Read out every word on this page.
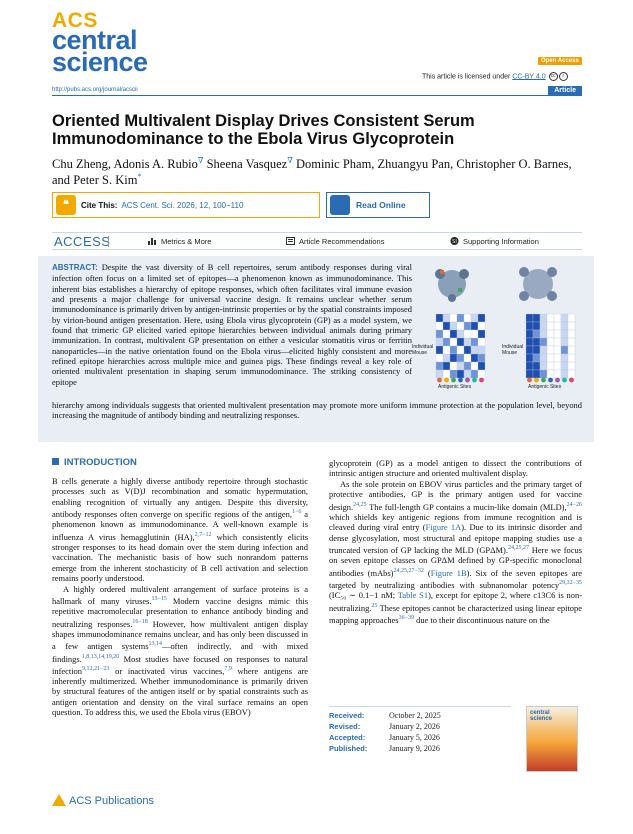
ACS
central
science	Open Access
This article is licensed under CC-BY 4.0 cc i
http://pubs.acs.org/journal/acscii	Article
Oriented Multivalent Display Drives Consistent Serum Immunodominance to the Ebola Virus Glycoprotein
Chu Zheng, Adonis A. Rubio∇ Sheena Vasquez∇ Dominic Pham, Zhuangyu Pan, Christopher O. Barnes, and Peter S. Kim*
❝	Cite This: ACS Cent. Sci. 2026, 12, 100−110	Read Online
ACCESS	Metrics & More	Article Recommendations	SI Supporting Information
ABSTRACT: Despite the vast diversity of B cell repertoires, serum antibody responses during viral infection often focus on a limited set of epitopes—a phenomenon known as immunodominance. This inherent bias establishes a hierarchy of epitope responses, which often facilitates viral immune evasion and presents a major challenge for universal vaccine design. It remains unclear whether serum immunodominance is primarily driven by antigen-intrinsic properties or by the spatial constraints imposed by virion-bound antigen presentation. Here, using Ebola virus glycoprotein (GP) as a model system, we found that trimeric GP elicited varied epitope hierarchies between individual animals during primary immunization. In contrast, multivalent GP presentation on either a vesicular stomatitis virus or ferritin nanoparticles—in the native orientation found on the Ebola virus—elicited highly consistent and more refined epitope hierarchies across multiple mice and guinea pigs. These findings reveal a key role of oriented multivalent presentation in shaping serum immunodominance. The striking consistency of epitope
hierarchy among individuals suggests that oriented multivalent presentation may promote more uniform immune protection at the population level, beyond increasing the magnitude of antibody binding and neutralizing responses.
Individual
Mouse
Individual
Mouse
Antigenic Sites	Antigenic Sites
INTRODUCTION

B cells generate a highly diverse antibody repertoire through stochastic processes such as V(D)J recombination and somatic hypermutation, enabling recognition of virtually any antigen. Despite this diversity, antibody responses often converge on specific regions of the antigen,$^{1-6}$ a phenomenon known as immunodominance. A well-known example is influenza A virus hemagglutinin (HA),$^{2,7-12}$ which consistently elicits stronger responses to its head domain over the stem during infection and vaccination. The mechanistic basis of how such nonrandom patterns emerge from the inherent stochasticity of B cell activation and selection remains poorly understood.

A highly ordered multivalent arrangement of surface proteins is a hallmark of many viruses.$^{13-15}$ Modern vaccine designs mimic this repetitive macromolecular presentation to enhance antibody binding and neutralizing responses.$^{16-18}$ However, how multivalent antigen display shapes immunodominance remains unclear, and has only been discussed in a few antigen systems$^{13,14}$—often indirectly, and with mixed findings.$^{1,8,13,14,19,20}$ Most studies have focused on responses to natural infection$^{9,12,21-23}$ or inactivated virus vaccines,$^{7,9}$ where antigens are inherently multimerized. Whether immunodominance is primarily driven by structural features of the antigen itself or by spatial constraints such as antigen orientation and density on the viral surface remains an open question. To address this, we used the Ebola virus (EBOV)

glycoprotein (GP) as a model antigen to dissect the contributions of intrinsic antigen structure and oriented multivalent display.

As the sole protein on EBOV virus particles and the primary target of protective antibodies, GP is the primary antigen used for vaccine design.$^{24,25}$ The full-length GP contains a mucin-like domain (MLD),$^{24-26}$ which shields key antigenic regions from immune recognition and is cleaved during viral entry (Figure 1A). Due to its intrinsic disorder and dense glycosylation, most structural and epitope mapping studies use a truncated version of GP lacking the MLD (GPΔM).$^{24,25,27}$ Here we focus on seven epitope classes on GPΔM defined by GP-specific monoclonal antibodies (mAbs)$^{24,25,27-32}$ (Figure 1B). Six of the seven epitopes are targeted by neutralizing antibodies with subnanomolar potency$^{29,32-35}$ (IC₅₀ ∼ 0.1−1 nM; Table S1), except for epitope 2, where c13C6 is non-neutralizing.$^{25}$ These epitopes cannot be characterized using linear epitope mapping approaches$^{36-39}$ due to their discontinuous nature on the

Received:	October 2, 2025
Revised:	January 2, 2026
Accepted:	January 5, 2026
Published:	January 9, 2026
central
science
ACS Publications
